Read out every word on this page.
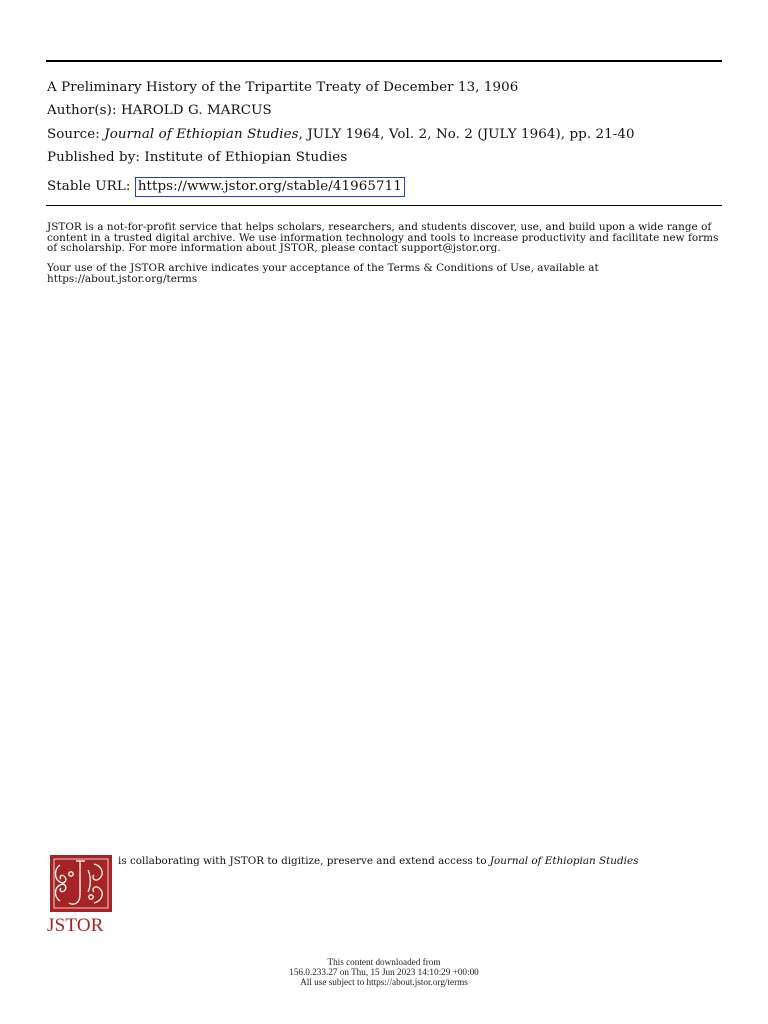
A Preliminary History of the Tripartite Treaty of December 13, 1906
Author(s): HAROLD G. MARCUS
Source: Journal of Ethiopian Studies, JULY 1964, Vol. 2, No. 2 (JULY 1964), pp. 21-40
Published by: Institute of Ethiopian Studies
Stable URL: https://www.jstor.org/stable/41965711
JSTOR is a not-for-profit service that helps scholars, researchers, and students discover, use, and build upon a wide range of content in a trusted digital archive. We use information technology and tools to increase productivity and facilitate new forms of scholarship. For more information about JSTOR, please contact support@jstor.org.
Your use of the JSTOR archive indicates your acceptance of the Terms & Conditions of Use, available at https://about.jstor.org/terms
JSTOR
is collaborating with JSTOR to digitize, preserve and extend access to Journal of Ethiopian Studies
This content downloaded from
156.0.233.27 on Thu, 15 Jun 2023 14:10:29 +00:00
All use subject to https://about.jstor.org/terms
